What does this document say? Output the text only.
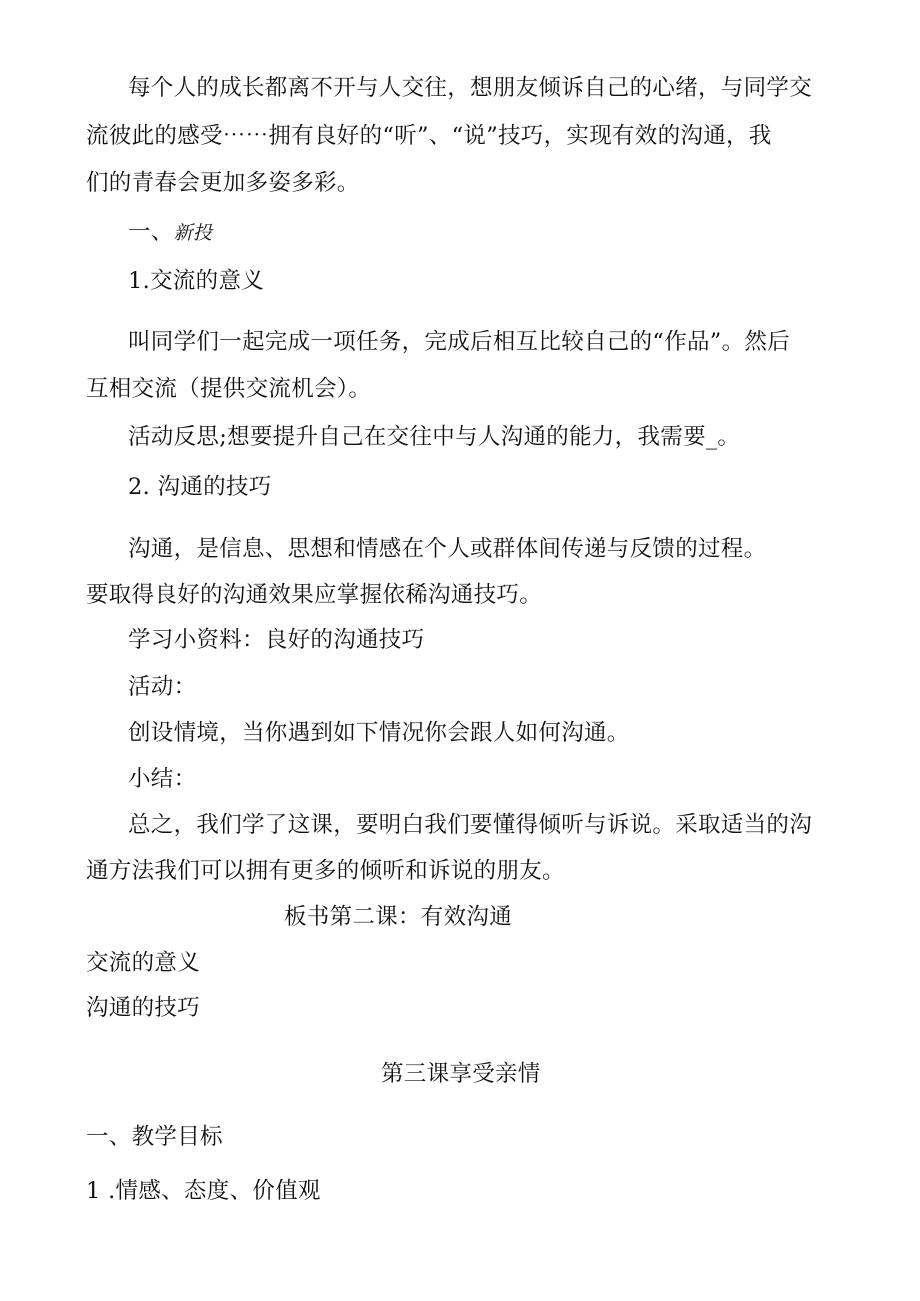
每个人的成长都离不开与人交往，想朋友倾诉自己的心绪，与同学交
流彼此的感受⋯⋯拥有良好的“听”、“说”技巧，实现有效的沟通，我
们的青春会更加多姿多彩。
一、新投
1.交流的意义
叫同学们一起完成一项任务，完成后相互比较自己的“作品”。然后
互相交流（提供交流机会）。
活动反思;想要提升自己在交往中与人沟通的能力，我需要_。
2. 沟通的技巧
沟通，是信息、思想和情感在个人或群体间传递与反馈的过程。
要取得良好的沟通效果应掌握依稀沟通技巧。
学习小资料：良好的沟通技巧
活动：
创设情境，当你遇到如下情况你会跟人如何沟通。
小结：
总之，我们学了这课，要明白我们要懂得倾听与诉说。采取适当的沟
通方法我们可以拥有更多的倾听和诉说的朋友。
板书第二课：有效沟通
交流的意义
沟通的技巧
第三课享受亲情
一、教学目标
1 .情感、态度、价值观
